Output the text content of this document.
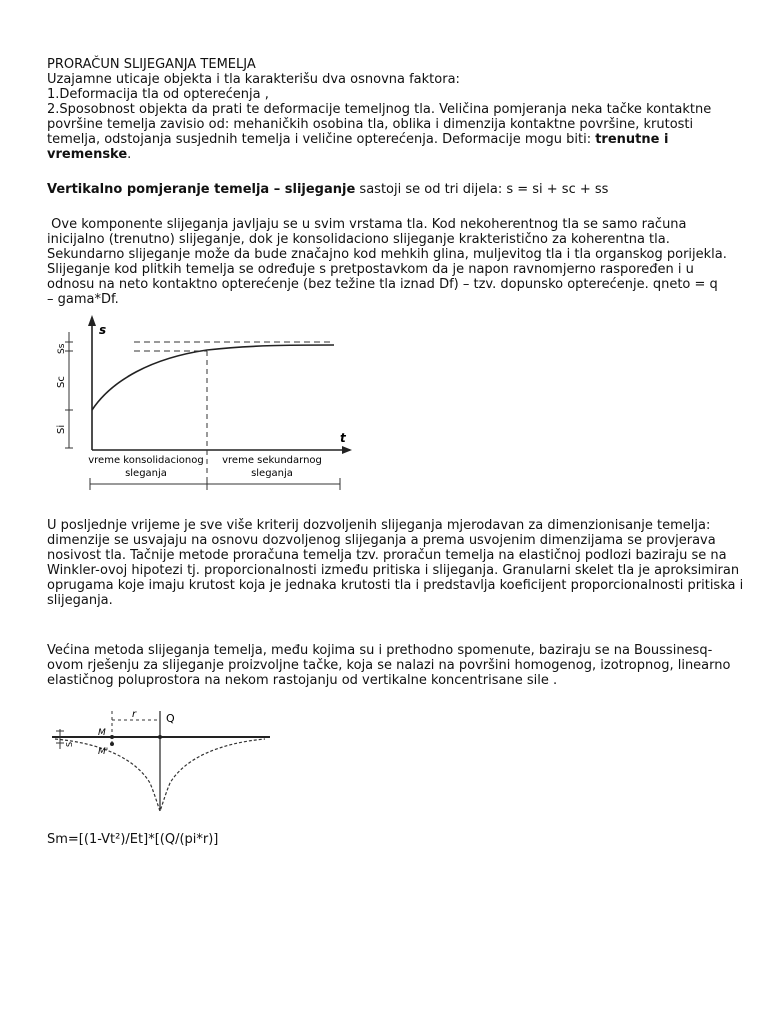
PRORAČUN SLIJEGANJA TEMELJA

Uzajamne uticaje objekta i tla karakterišu dva osnovna faktora:

1.Deformacija tla od opterećenja ,

2.Sposobnost objekta da prati te deformacije temeljnog tla. Veličina pomjeranja neka tačke kontaktne površine temelja zavisio od: mehaničkih osobina tla, oblika i dimenzija kontaktne površine, krutosti temelja, odstojanja susjednih temelja i veličine opterećenja. Deformacije mogu biti: trenutne i vremenske.

Vertikalno pomjeranje temelja – slijeganje sastoji se od tri dijela: s = si + sc + ss

Ove komponente slijeganja javljaju se u svim vrstama tla. Kod nekoherentnog tla se samo računa inicijalno (trenutno) slijeganje, dok je konsolidaciono slijeganje krakteristično za koherentna tla. Sekundarno slijeganje može da bude značajno kod mehkih glina, muljevitog tla i tla organskog porijekla. Slijeganje kod plitkih temelja se određuje s pretpostavkom da je napon ravnomjerno raspoređen i u odnosu na neto kontaktno opterećenje (bez težine tla iznad Df) – tzv. dopunsko opterećenje. qneto = q – gama*Df.

s
t
Ss
Sc
Si
vreme konsolidacionog
sleganja
vreme sekundarnog
sleganja
U posljednje vrijeme je sve više kriterij dozvoljenih slijeganja mjerodavan za dimenzionisanje temelja: dimenzije se usvajaju na osnovu dozvoljenog slijeganja a prema usvojenim dimenzijama se provjerava nosivost tla. Tačnije metode proračuna temelja tzv. proračun temelja na elastičnoj podlozi baziraju se na Winkler-ovoj hipotezi tj. proporcionalnosti između pritiska i slijeganja. Granularni skelet tla je aproksimiran oprugama koje imaju krutost koja je jednaka krutosti tla i predstavlja koeficijent proporcionalnosti pritiska i slijeganja.
Većina metoda slijeganja temelja, među kojima su i prethodno spomenute, baziraju se na Boussinesq-ovom rješenju za slijeganje proizvoljne tačke, koja se nalazi na površini homogenog, izotropnog, linearno elastičnog poluprostora na nekom rastojanju od vertikalne koncentrisane sile .
r	Q
M
M'
S
Sm=[(1-Vt²)/Et]*[(Q/(pi*r)]
